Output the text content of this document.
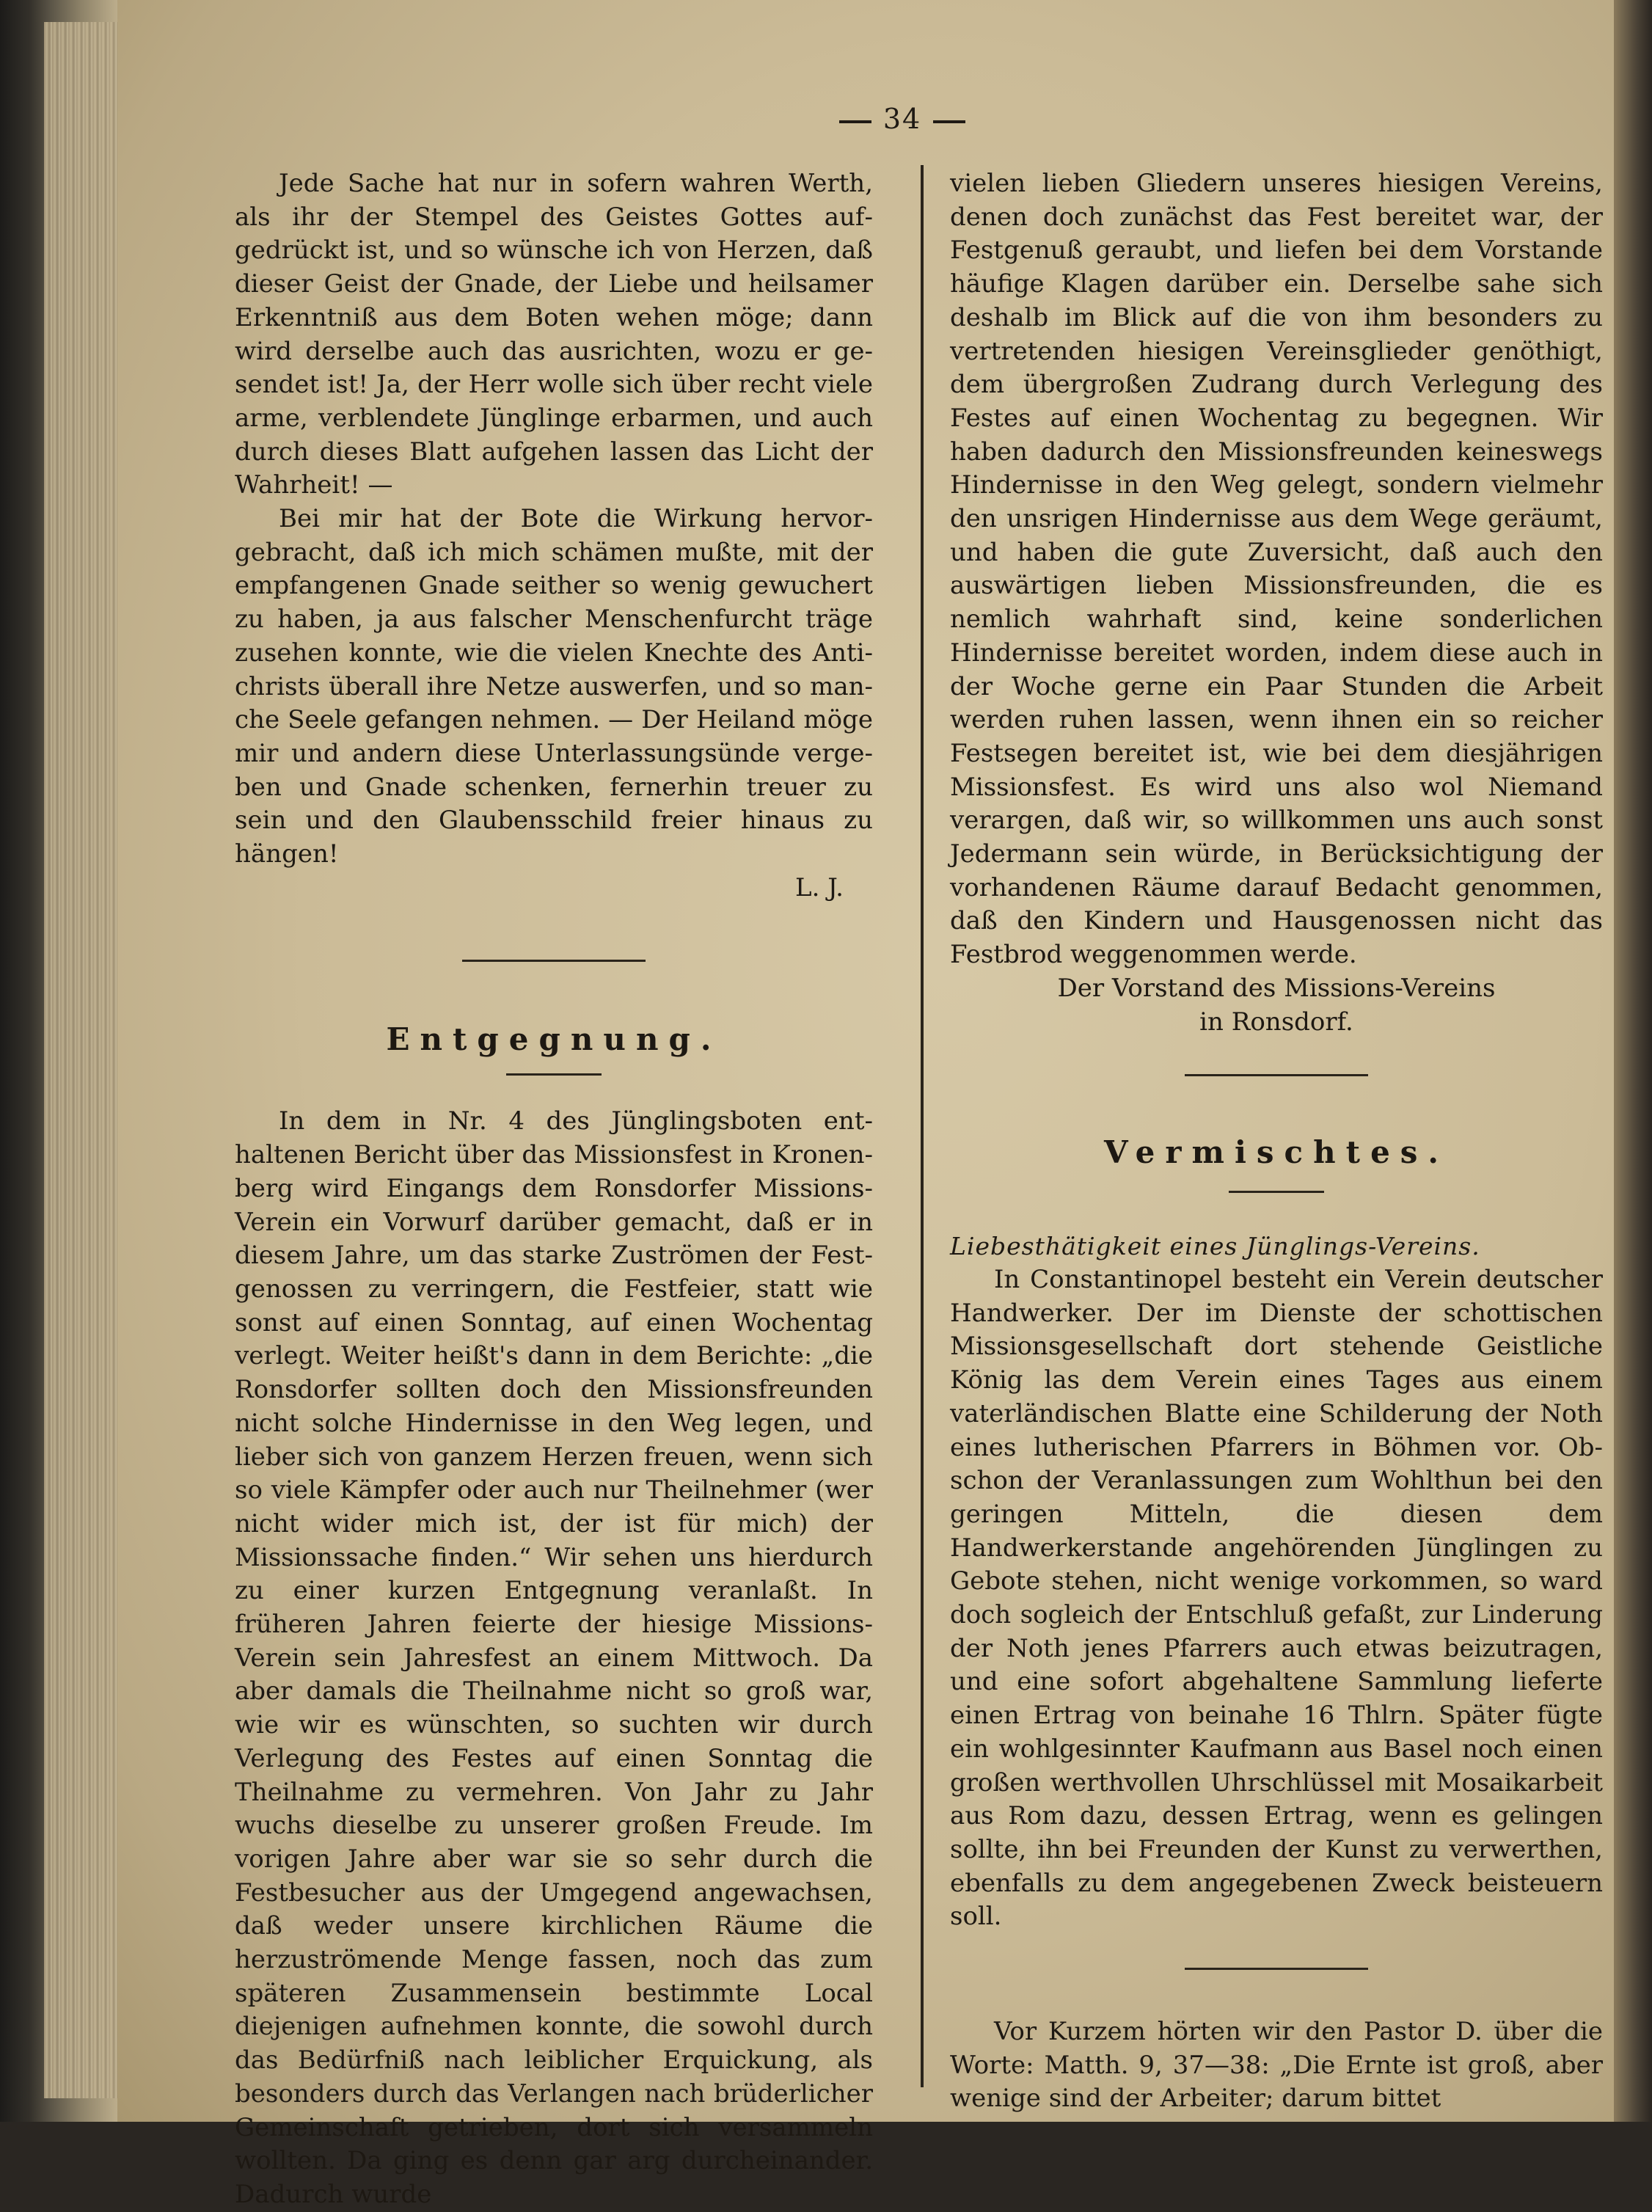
34

Jede Sache hat nur in sofern wahren Werth, als ihr der Stempel des Geistes Gottes aufgedrückt ist, und so wünsche ich von Herzen, daß dieser Geist der Gnade, der Liebe und heilsamer Erkenntniß aus dem Boten wehen möge; dann wird derselbe auch das ausrichten, wozu er gesendet ist! Ja, der Herr wolle sich über recht viele arme, verblendete Jünglinge erbarmen, und auch durch dieses Blatt aufgehen lassen das Licht der Wahrheit! —

Bei mir hat der Bote die Wirkung hervorgebracht, daß ich mich schämen mußte, mit der empfangenen Gnade seither so wenig gewuchert zu haben, ja aus falscher Menschenfurcht träge zusehen konnte, wie die vielen Knechte des Antichrists überall ihre Netze auswerfen, und so manche Seele gefangen nehmen. — Der Heiland möge mir und andern diese Unterlassungsünde vergeben und Gnade schenken, fernerhin treuer zu sein und den Glaubensschild freier hinaus zu hängen!

L. J.

Entgegnung.

In dem in Nr. 4 des Jünglingsboten enthaltenen Bericht über das Missionsfest in Kronenberg wird Eingangs dem Ronsdorfer MissionsVerein ein Vorwurf darüber gemacht, daß er in diesem Jahre, um das starke Zuströmen der Festgenossen zu verringern, die Festfeier, statt wie sonst auf einen Sonntag, auf einen Wochentag verlegt. Weiter heißt's dann in dem Berichte: „die Ronsdorfer sollten doch den Missionsfreunden nicht solche Hindernisse in den Weg legen, und lieber sich von ganzem Herzen freuen, wenn sich so viele Kämpfer oder auch nur Theilnehmer (wer nicht wider mich ist, der ist für mich) der Missionssache finden.“ Wir sehen uns hierdurch zu einer kurzen Entgegnung veranlaßt. In früheren Jahren feierte der hiesige Missions-Verein sein Jahresfest an einem Mittwoch. Da aber damals die Theilnahme nicht so groß war, wie wir es wünschten, so suchten wir durch Verlegung des Festes auf einen Sonntag die Theilnahme zu vermehren. Von Jahr zu Jahr wuchs dieselbe zu unserer großen Freude. Im vorigen Jahre aber war sie so sehr durch die Festbesucher aus der Umgegend angewachsen, daß weder unsere kirchlichen Räume die herzuströmende Menge fassen, noch das zum späteren Zusammensein bestimmte Local diejenigen aufnehmen konnte, die sowohl durch das Bedürfniß nach leiblicher Erquickung, als besonders durch das Verlangen nach brüderlicher Gemeinschaft getrieben, dort sich versammeln wollten. Da ging es denn gar arg durcheinander. Dadurch wurde

vielen lieben Gliedern unseres hiesigen Vereins, denen doch zunächst das Fest bereitet war, der Festgenuß geraubt, und liefen bei dem Vorstande häufige Klagen darüber ein. Derselbe sahe sich deshalb im Blick auf die von ihm besonders zu vertretenden hiesigen Vereinsglieder genöthigt, dem übergroßen Zudrang durch Verlegung des Festes auf einen Wochentag zu begegnen. Wir haben dadurch den Missionsfreunden keineswegs Hindernisse in den Weg gelegt, sondern vielmehr den unsrigen Hindernisse aus dem Wege geräumt, und haben die gute Zuversicht, daß auch den auswärtigen lieben Missionsfreunden, die es nemlich wahrhaft sind, keine sonderlichen Hindernisse bereitet worden, indem diese auch in der Woche gerne ein Paar Stunden die Arbeit werden ruhen lassen, wenn ihnen ein so reicher Festsegen bereitet ist, wie bei dem diesjährigen Missionsfest. Es wird uns also wol Niemand verargen, daß wir, so willkommen uns auch sonst Jedermann sein würde, in Berücksichtigung der vorhandenen Räume darauf Bedacht genommen, daß den Kindern und Hausgenossen nicht das Festbrod weggenommen werde.

Der Vorstand des Missions-Vereins

in Ronsdorf.

Vermischtes.

Liebesthätigkeit eines Jünglings-Vereins.

In Constantinopel besteht ein Verein deutscher Handwerker. Der im Dienste der schottischen Missionsgesellschaft dort stehende Geistliche König las dem Verein eines Tages aus einem vaterländischen Blatte eine Schilderung der Noth eines lutherischen Pfarrers in Böhmen vor. Obschon der Veranlassungen zum Wohlthun bei den geringen Mitteln, die diesen dem Handwerkerstande angehörenden Jünglingen zu Gebote stehen, nicht wenige vorkommen, so ward doch sogleich der Entschluß gefaßt, zur Linderung der Noth jenes Pfarrers auch etwas beizutragen, und eine sofort abgehaltene Sammlung lieferte einen Ertrag von beinahe 16 Thlrn. Später fügte ein wohlgesinnter Kaufmann aus Basel noch einen großen werthvollen Uhrschlüssel mit Mosaikarbeit aus Rom dazu, dessen Ertrag, wenn es gelingen sollte, ihn bei Freunden der Kunst zu verwerthen, ebenfalls zu dem angegebenen Zweck beisteuern soll.

Vor Kurzem hörten wir den Pastor D. über die Worte: Matth. 9, 37—38: „Die Ernte ist groß, aber wenige sind der Arbeiter; darum bittet
